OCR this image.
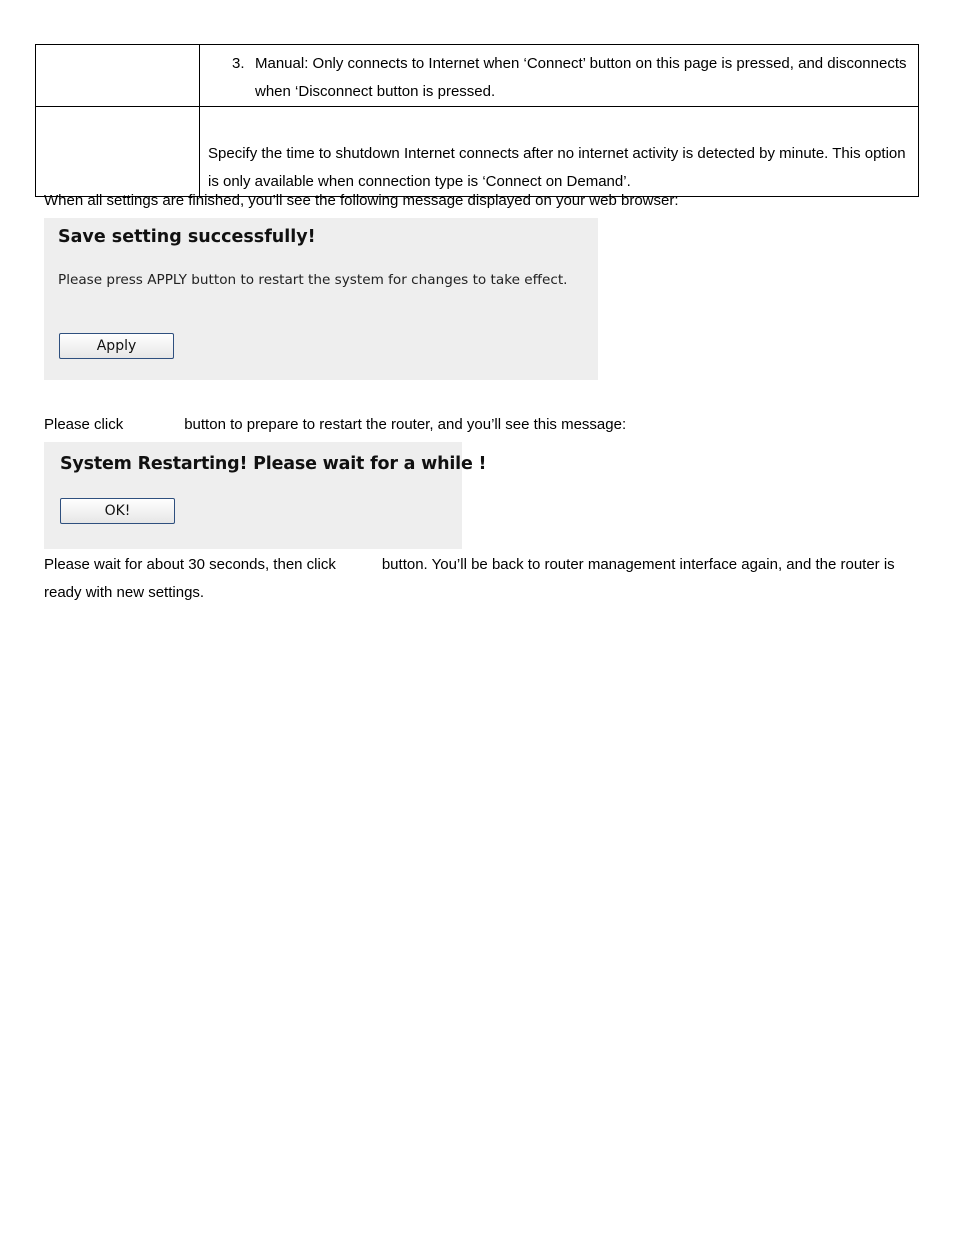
	3. Manual: Only connects to Internet when ‘Connect’ button on this page is pressed, and disconnects when ‘Disconnect button is pressed.

	Specify the time to shutdown Internet connects after no internet activity is detected by minute. This option is only available when connection type is ‘Connect on Demand’.
When all settings are finished, you’ll see the following message displayed on your web browser:
Save setting successfully!
Please press APPLY button to restart the system for changes to take effect.
Apply
Please click	button to prepare to restart the router, and you’ll see this message:
System Restarting! Please wait for a while !
OK!
Please wait for about 30 seconds, then click	button. You’ll be back to router management interface again, and the router is ready with new settings.
